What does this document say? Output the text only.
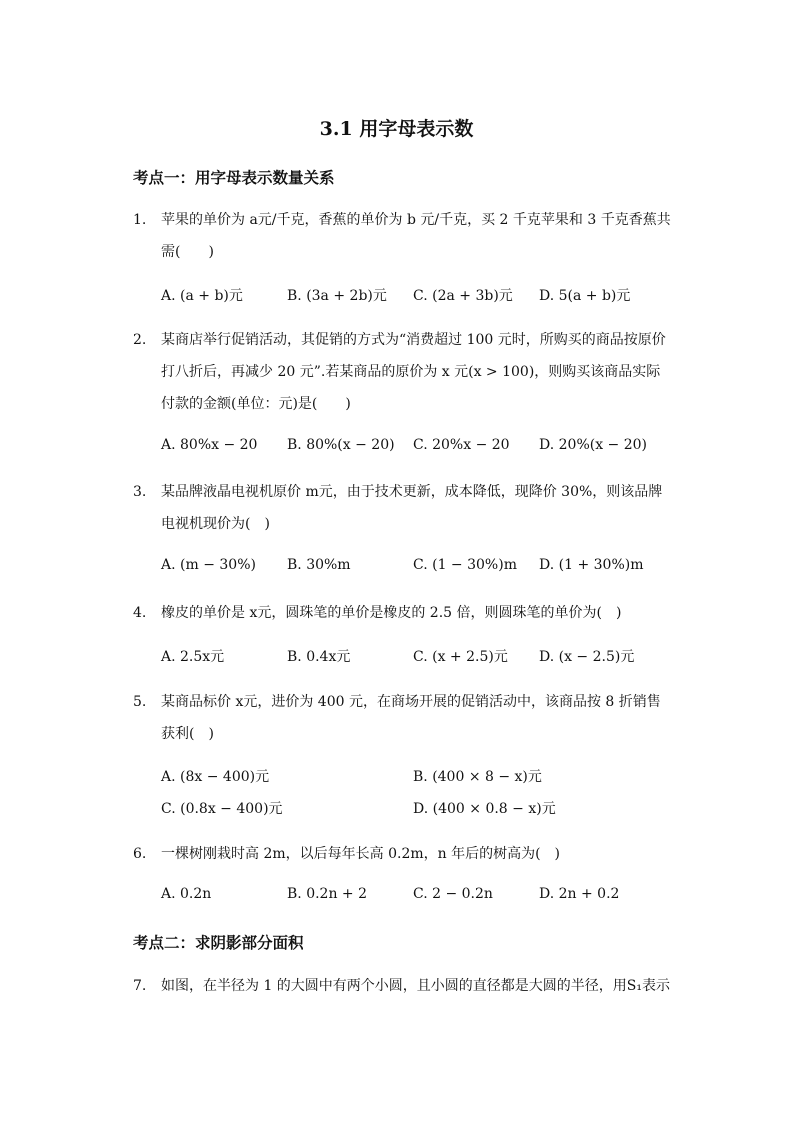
3.1 用字母表示数
考点一：用字母表示数量关系
1. 苹果的单价为 a元/千克，香蕉的单价为 b 元/千克，买 2 千克苹果和 3 千克香蕉共需(　　)
A. (a + b)元	B. (3a + 2b)元 C. (2a + 3b)元 D. 5(a + b)元
2. 某商店举行促销活动，其促销的方式为“消费超过 100 元时，所购买的商品按原价打八折后，再减少 20 元”.若某商品的原价为 x 元(x > 100)，则购买该商品实际付款的金额(单位：元)是(　　)
A. 80%x − 20 B. 80%(x − 20) C. 20%x − 20 D. 20%(x − 20)
3. 某品牌液晶电视机原价 m元，由于技术更新，成本降低，现降价 30%，则该品牌电视机现价为(　)
A. (m − 30%) B. 30%m	C. (1 − 30%)m D. (1 + 30%)m
4. 橡皮的单价是 x元，圆珠笔的单价是橡皮的 2.5 倍，则圆珠笔的单价为(　)
A. 2.5x元	B. 0.4x元	C. (x + 2.5)元 D. (x − 2.5)元
5. 某商品标价 x元，进价为 400 元，在商场开展的促销活动中，该商品按 8 折销售获利(　)
A. (8x − 400)元	B. (400 × 8 − x)元
C. (0.8x − 400)元	D. (400 × 0.8 − x)元
6. 一棵树刚栽时高 2m，以后每年长高 0.2m，n 年后的树高为(　)
A. 0.2n	B. 0.2n + 2	C. 2 − 0.2n	D. 2n + 0.2
考点二：求阴影部分面积
7. 如图，在半径为 1 的大圆中有两个小圆，且小圆的直径都是大圆的半径，用S₁表示
